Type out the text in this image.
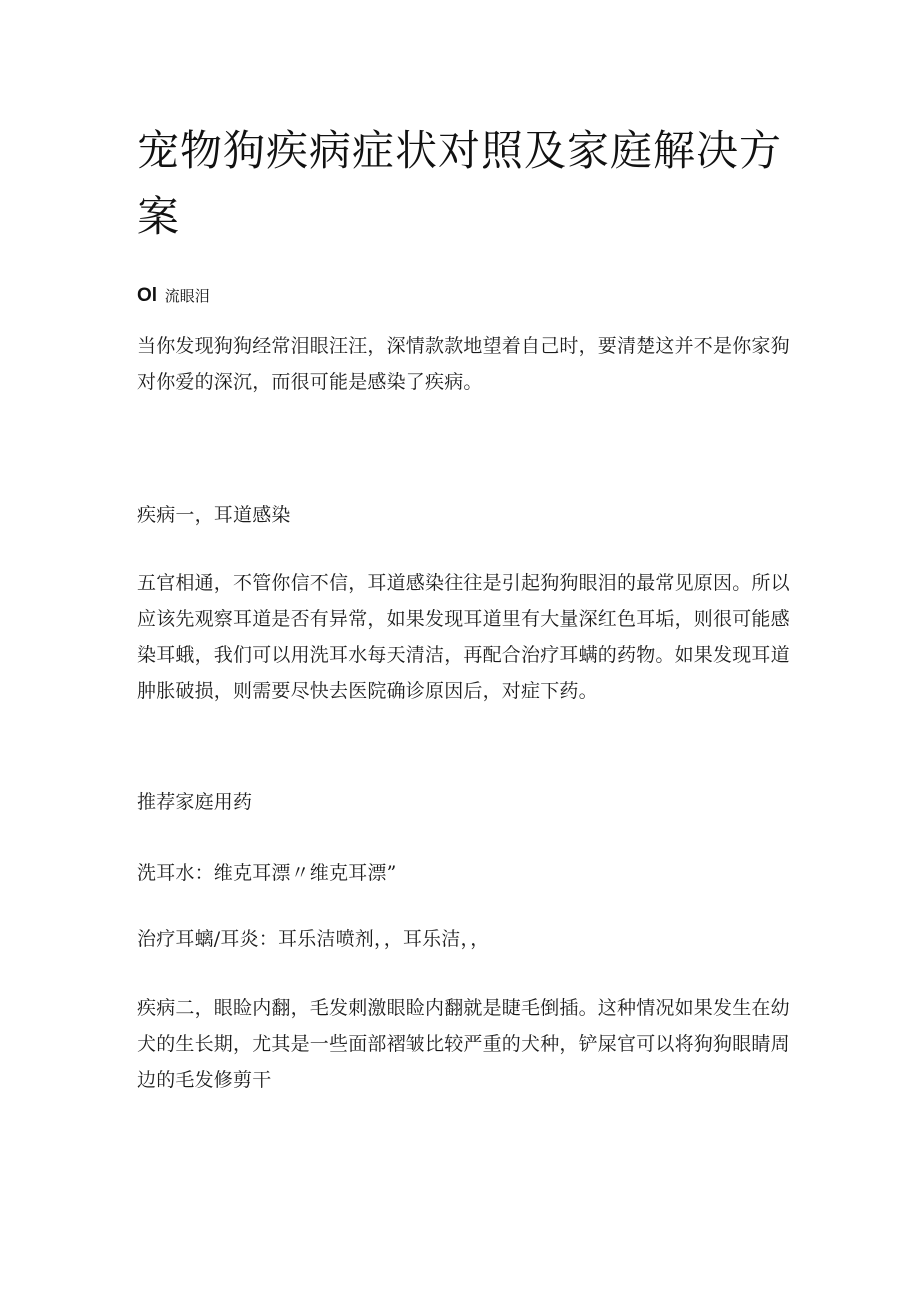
宠物狗疾病症状对照及家庭解决方案
Ol 流眼泪

当你发现狗狗经常泪眼汪汪，深情款款地望着自己时，要清楚这并不是你家狗对你爱的深沉，而很可能是感染了疾病。

疾病一，耳道感染

五官相通，不管你信不信，耳道感染往往是引起狗狗眼泪的最常见原因。所以应该先观察耳道是否有异常，如果发现耳道里有大量深红色耳垢，则很可能感染耳蛾，我们可以用洗耳水每天清洁，再配合治疗耳螨的药物。如果发现耳道肿胀破损，则需要尽快去医院确诊原因后，对症下药。

推荐家庭用药

洗耳水：维克耳漂〃维克耳漂”

治疗耳螭/耳炎：耳乐洁喷剂，，耳乐洁，，

疾病二，眼睑内翻，毛发刺激眼睑内翻就是睫毛倒插。这种情况如果发生在幼犬的生长期，尤其是一些面部褶皱比较严重的犬种，铲屎官可以将狗狗眼睛周边的毛发修剪干
